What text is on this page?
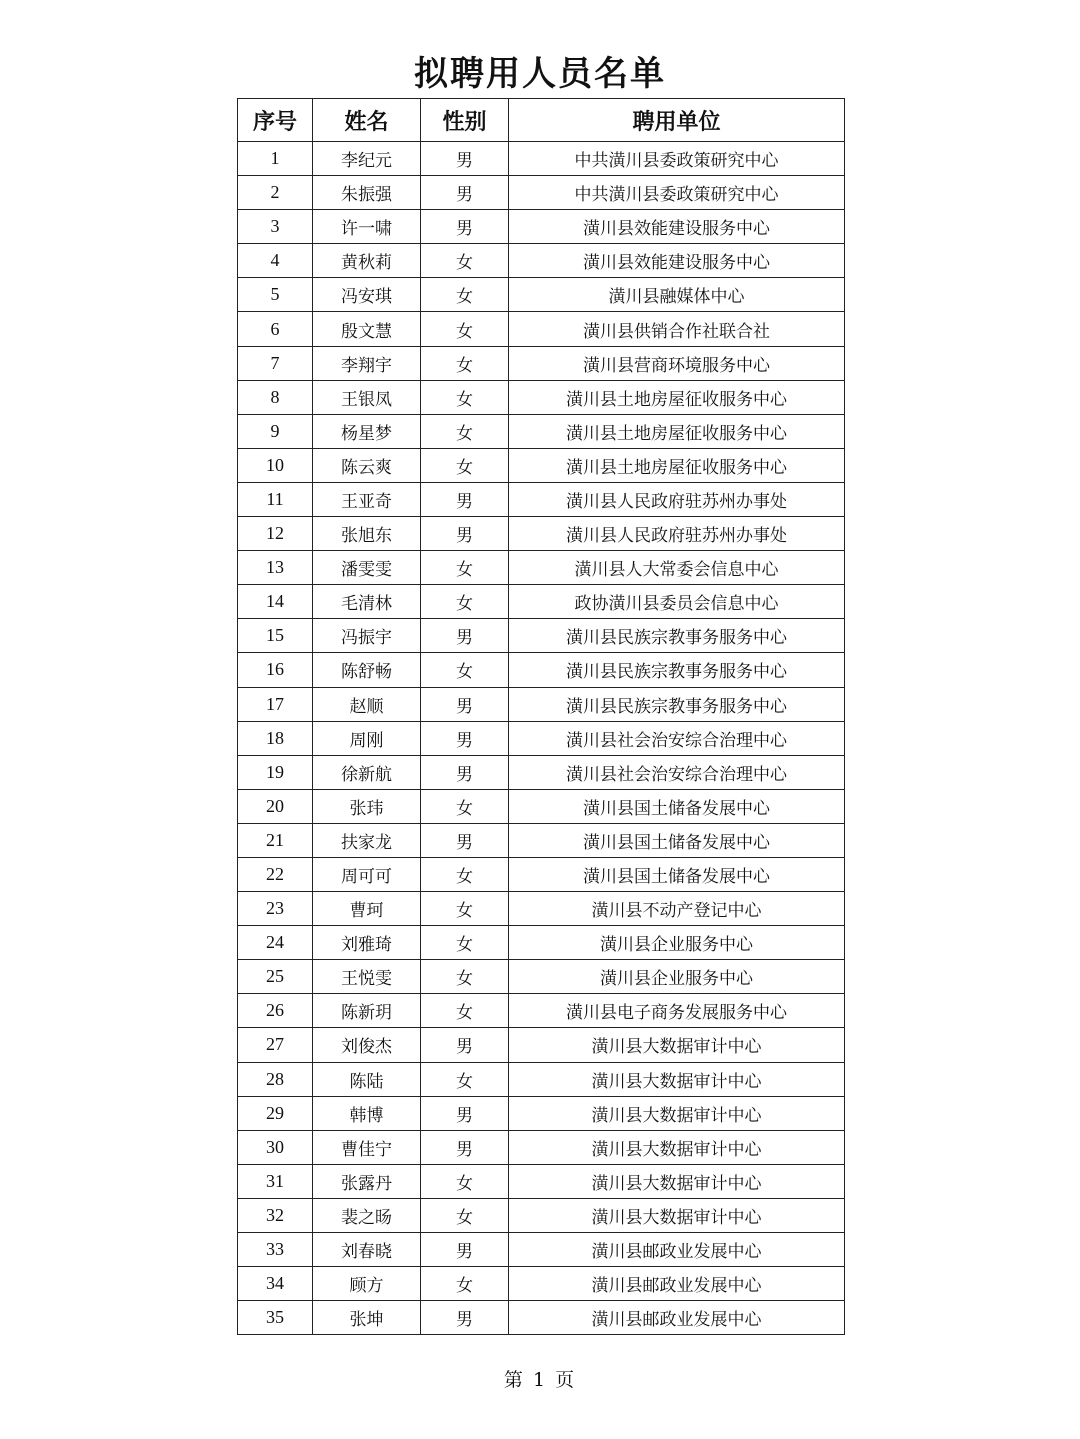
拟聘用人员名单
序号	姓名	性别	聘用单位
1	李纪元	男	中共潢川县委政策研究中心
2	朱振强	男	中共潢川县委政策研究中心
3	许一啸	男	潢川县效能建设服务中心
4	黄秋莉	女	潢川县效能建设服务中心
5	冯安琪	女	潢川县融媒体中心
6	殷文慧	女	潢川县供销合作社联合社
7	李翔宇	女	潢川县营商环境服务中心
8	王银凤	女	潢川县土地房屋征收服务中心
9	杨星梦	女	潢川县土地房屋征收服务中心
10	陈云爽	女	潢川县土地房屋征收服务中心
11	王亚奇	男	潢川县人民政府驻苏州办事处
12	张旭东	男	潢川县人民政府驻苏州办事处
13	潘雯雯	女	潢川县人大常委会信息中心
14	毛清林	女	政协潢川县委员会信息中心
15	冯振宇	男	潢川县民族宗教事务服务中心
16	陈舒畅	女	潢川县民族宗教事务服务中心
17	赵顺	男	潢川县民族宗教事务服务中心
18	周刚	男	潢川县社会治安综合治理中心
19	徐新航	男	潢川县社会治安综合治理中心
20	张玮	女	潢川县国土储备发展中心
21	扶家龙	男	潢川县国土储备发展中心
22	周可可	女	潢川县国土储备发展中心
23	曹珂	女	潢川县不动产登记中心
24	刘雅琦	女	潢川县企业服务中心
25	王悦雯	女	潢川县企业服务中心
26	陈新玥	女	潢川县电子商务发展服务中心
27	刘俊杰	男	潢川县大数据审计中心
28	陈陆	女	潢川县大数据审计中心
29	韩博	男	潢川县大数据审计中心
30	曹佳宁	男	潢川县大数据审计中心
31	张露丹	女	潢川县大数据审计中心
32	裴之旸	女	潢川县大数据审计中心
33	刘春晓	男	潢川县邮政业发展中心
34	顾方	女	潢川县邮政业发展中心
35	张坤	男	潢川县邮政业发展中心
第 1 页
